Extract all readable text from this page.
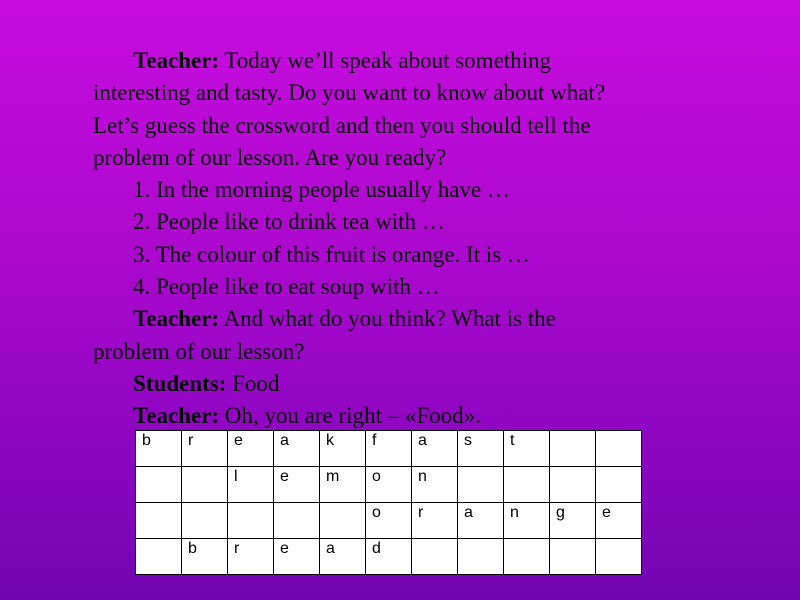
Teacher: Today we’ll speak about something
interesting and tasty. Do you want to know about what?
Let’s guess the crossword and then you should tell the
problem of our lesson. Are you ready?
1. In the morning people usually have …
2. People like to drink tea with …
3. The colour of this fruit is orange. It is …
4. People like to eat soup with …
Teacher: And what do you think? What is the
problem of our lesson?
Students: Food
Teacher: Oh, you are right – «Food».
b	r	e	a	k	f	a	s	t		
		l	e	m	o	n				
					o	r	a	n	g	e
	b	r	e	a	d					
